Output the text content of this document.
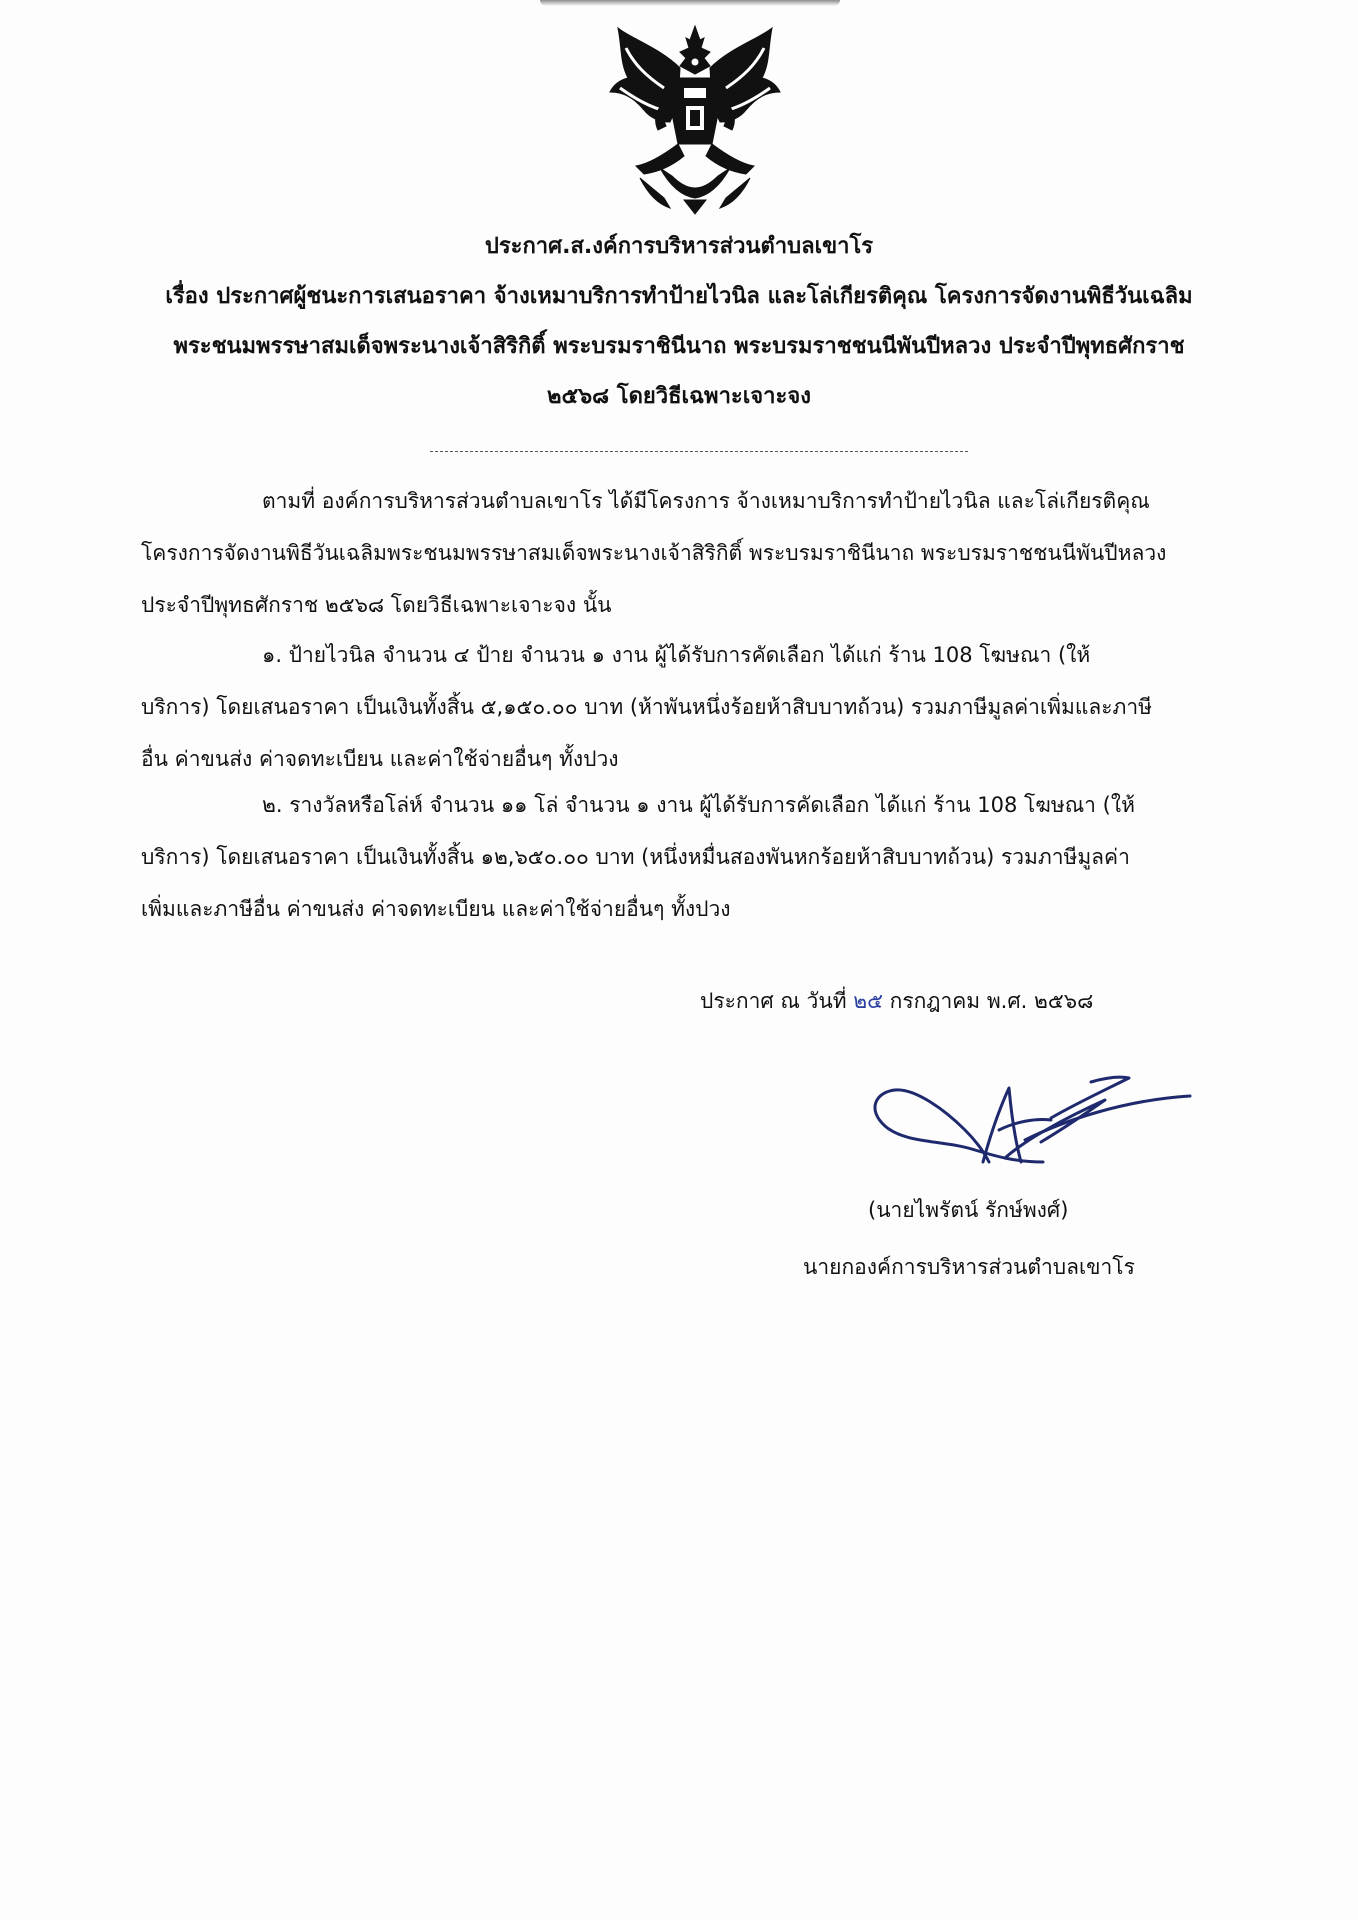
ประกาศ.ส.งค์การบริหารส่วนตำบลเขาโร
เรื่อง ประกาศผู้ชนะการเสนอราคา จ้างเหมาบริการทำป้ายไวนิล และโล่เกียรติคุณ โครงการจัดงานพิธีวันเฉลิม
พระชนมพรรษาสมเด็จพระนางเจ้าสิริกิติ์ พระบรมราชินีนาถ พระบรมราชชนนีพันปีหลวง ประจำปีพุทธศักราช
๒๕๖๘ โดยวิธีเฉพาะเจาะจง
ตามที่ องค์การบริหารส่วนตำบลเขาโร ได้มีโครงการ จ้างเหมาบริการทำป้ายไวนิล และโล่เกียรติคุณ
โครงการจัดงานพิธีวันเฉลิมพระชนมพรรษาสมเด็จพระนางเจ้าสิริกิติ์ พระบรมราชินีนาถ พระบรมราชชนนีพันปีหลวง
ประจำปีพุทธศักราช ๒๕๖๘ โดยวิธีเฉพาะเจาะจง นั้น
๑. ป้ายไวนิล จำนวน ๔ ป้าย จำนวน ๑ งาน ผู้ได้รับการคัดเลือก ได้แก่ ร้าน 108 โฆษณา (ให้
บริการ) โดยเสนอราคา เป็นเงินทั้งสิ้น ๕,๑๕๐.๐๐ บาท (ห้าพันหนึ่งร้อยห้าสิบบาทถ้วน) รวมภาษีมูลค่าเพิ่มและภาษี
อื่น ค่าขนส่ง ค่าจดทะเบียน และค่าใช้จ่ายอื่นๆ ทั้งปวง
๒. รางวัลหรือโล่ห์ จำนวน ๑๑ โล่ จำนวน ๑ งาน ผู้ได้รับการคัดเลือก ได้แก่ ร้าน 108 โฆษณา (ให้
บริการ) โดยเสนอราคา เป็นเงินทั้งสิ้น ๑๒,๖๕๐.๐๐ บาท (หนึ่งหมื่นสองพันหกร้อยห้าสิบบาทถ้วน) รวมภาษีมูลค่า
เพิ่มและภาษีอื่น ค่าขนส่ง ค่าจดทะเบียน และค่าใช้จ่ายอื่นๆ ทั้งปวง
ประกาศ ณ วันที่ ๒๕ กรกฎาคม พ.ศ. ๒๕๖๘
(นายไพรัตน์ รักษ์พงศ์)
นายกองค์การบริหารส่วนตำบลเขาโร
